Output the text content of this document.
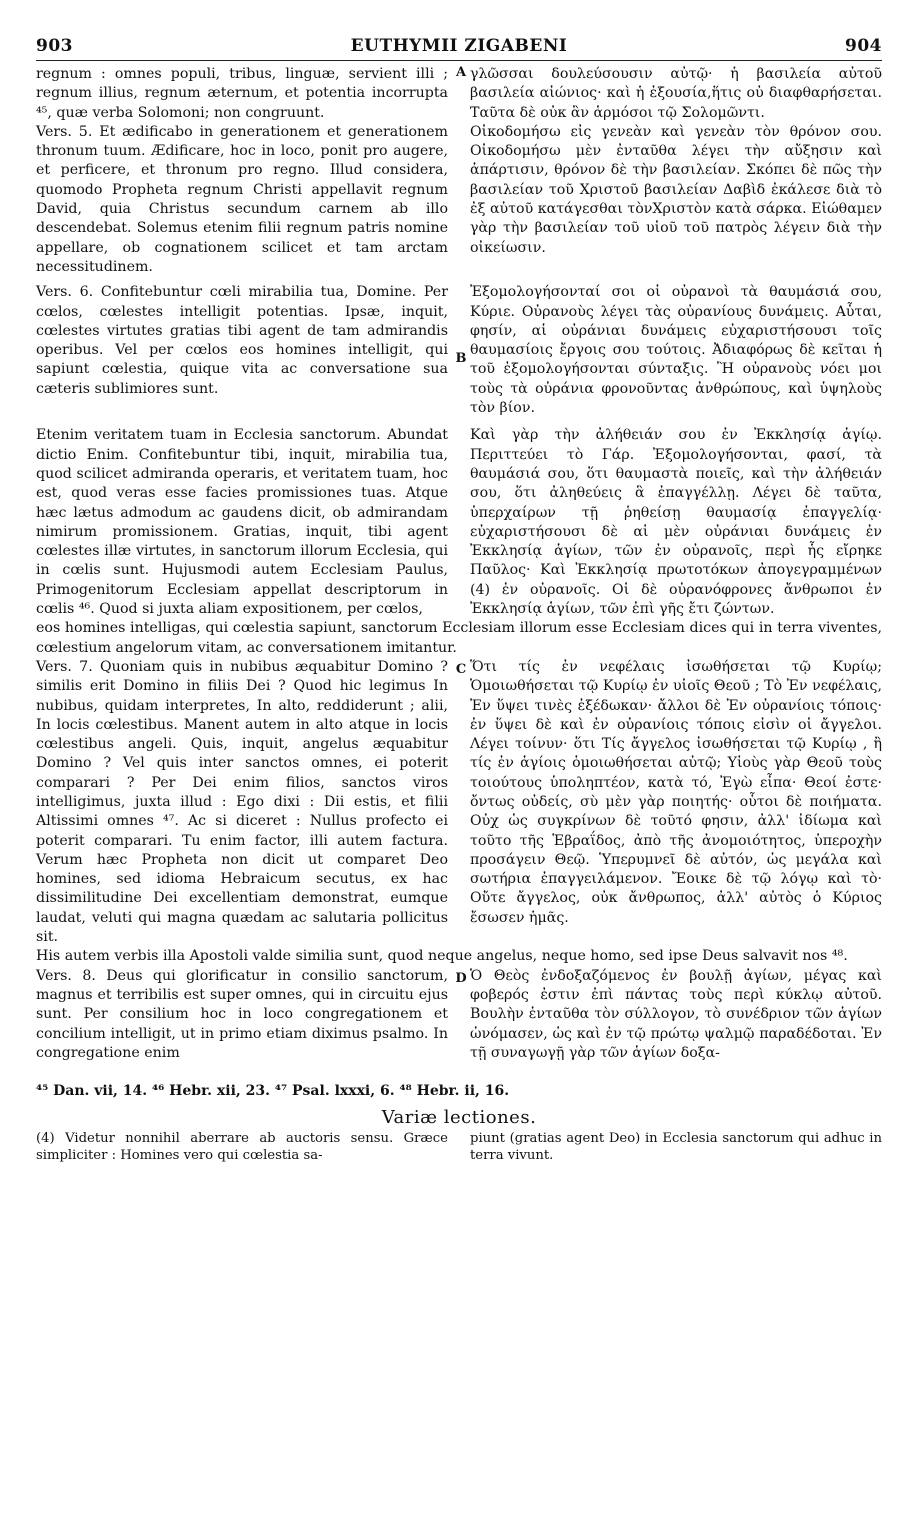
903	EUTHYMII ZIGABENI	904
A
regnum : omnes populi, tribus, linguæ, servient illi ; regnum illius, regnum æternum, et potentia incorrupta ⁴⁵, quæ verba Solomoni; non congruunt.
Vers. 5. Et ædificabo in generationem et generationem thronum tuum. Ædificare, hoc in loco, ponit pro augere, et perficere, et thronum pro regno. Illud considera, quomodo Propheta regnum Christi appellavit regnum David, quia Christus secundum carnem ab illo descendebat. Solemus etenim filii regnum patris nomine appellare, ob cognationem scilicet et tam arctam necessitudinem.
γλῶσσαι δουλεύσουσιν αὐτῷ· ἡ βασιλεία αὐτοῦ βασιλεία αἰώνιος· καὶ ἡ ἐξουσία,ἥτις οὐ διαφθαρήσεται. Ταῦτα δὲ οὐκ ἂν ἁρμόσοι τῷ Σολομῶντι.
Οἰκοδομήσω εἰς γενεὰν καὶ γενεὰν τὸν θρόνον σου. Οἰκοδομήσω μὲν ἐνταῦθα λέγει τὴν αὔξησιν καὶ ἀπάρτισιν, θρόνον δὲ τὴν βασιλείαν. Σκόπει δὲ πῶς τὴν βασιλείαν τοῦ Χριστοῦ βασιλείαν Δαβὶδ ἐκάλεσε διὰ τὸ ἐξ αὐτοῦ κατάγεσθαι τὸνΧριστὸν κατὰ σάρκα. Εἰώθαμεν γὰρ τὴν βασιλείαν τοῦ υἱοῦ τοῦ πατρὸς λέγειν διὰ τὴν οἰκείωσιν.
B
Vers. 6. Confitebuntur cœli mirabilia tua, Domine. Per cœlos, cœlestes intelligit potentias. Ipsæ, inquit, cœlestes virtutes gratias tibi agent de tam admirandis operibus. Vel per cœlos eos homines intelligit, qui sapiunt cœlestia, quique vita ac conversatione sua cæteris sublimiores sunt.
Ἐξομολογήσονταί σοι οἱ οὐρανοὶ τὰ θαυμάσιά σου, Κύριε. Οὐρανοὺς λέγει τὰς οὐρανίους δυνάμεις. Αὗται, φησίν, αἱ οὐράνιαι δυνάμεις εὐχαριστήσουσι τοῖς θαυμασίοις ἔργοις σου τούτοις. Ἀδιαφόρως δὲ κεῖται ἡ τοῦ ἐξομολογήσονται σύνταξις. Ἢ οὐρανοὺς νόει μοι τοὺς τὰ οὐράνια φρονοῦντας ἀνθρώπους, καὶ ὑψηλοὺς τὸν βίον.
Etenim veritatem tuam in Ecclesia sanctorum. Abundat dictio Enim. Confitebuntur tibi, inquit, mirabilia tua, quod scilicet admiranda operaris, et veritatem tuam, hoc est, quod veras esse facies promissiones tuas. Atque hæc lætus admodum ac gaudens dicit, ob admirandam nimirum promissionem. Gratias, inquit, tibi agent cœlestes illæ virtutes, in sanctorum illorum Ecclesia, qui in cœlis sunt. Hujusmodi autem Ecclesiam Paulus, Primogenitorum Ecclesiam appellat descriptorum in cœlis ⁴⁶. Quod si juxta aliam expositionem, per cœlos,
Καὶ γὰρ τὴν ἀλήθειάν σου ἐν Ἐκκλησίᾳ ἁγίῳ. Περιττεύει τὸ Γάρ. Ἐξομολογήσονται, φασί, τὰ θαυμάσιά σου, ὅτι θαυμαστὰ ποιεῖς, καὶ τὴν ἀλήθειάν σου, ὅτι ἀληθεύεις ἃ ἐπαγγέλλῃ. Λέγει δὲ ταῦτα, ὑπερχαίρων τῇ ῥηθείσῃ θαυμασίᾳ ἐπαγγελίᾳ· εὐχαριστήσουσι δὲ αἱ μὲν οὐράνιαι δυνάμεις ἐν Ἐκκλησίᾳ ἁγίων, τῶν ἐν οὐρανοῖς, περὶ ἧς εἴρηκε Παῦλος· Καὶ Ἐκκλησίᾳ πρωτοτόκων ἀπογεγραμμένων (4) ἐν οὐρανοῖς. Οἱ δὲ οὐρανόφρονες ἄνθρωποι ἐν Ἐκκλησίᾳ ἁγίων, τῶν ἐπὶ γῆς ἔτι ζώντων.
eos homines intelligas, qui cœlestia sapiunt, sanctorum Ecclesiam illorum esse Ecclesiam dices qui in terra viventes, cœlestium angelorum vitam, ac conversationem imitantur.
C
Vers. 7. Quoniam quis in nubibus æquabitur Domino ? similis erit Domino in filiis Dei ? Quod hic legimus In nubibus, quidam interpretes, In alto, reddiderunt ; alii, In locis cœlestibus. Manent autem in alto atque in locis cœlestibus angeli. Quis, inquit, angelus æquabitur Domino ? Vel quis inter sanctos omnes, ei poterit comparari ? Per Dei enim filios, sanctos viros intelligimus, juxta illud : Ego dixi : Dii estis, et filii Altissimi omnes ⁴⁷. Ac si diceret : Nullus profecto ei poterit comparari. Tu enim factor, illi autem factura. Verum hæc Propheta non dicit ut comparet Deo homines, sed idioma Hebraicum secutus, ex hac dissimilitudine Dei excellentiam demonstrat, eumque laudat, veluti qui magna quædam ac salutaria pollicitus sit.
Ὅτι τίς ἐν νεφέλαις ἰσωθήσεται τῷ Κυρίῳ; Ὁμοιωθήσεται τῷ Κυρίῳ ἐν υἱοῖς Θεοῦ ; Τὸ Ἐν νεφέλαις, Ἐν ὕψει τινὲς ἐξέδωκαν· ἄλλοι δὲ Ἐν οὐρανίοις τόποις· ἐν ὕψει δὲ καὶ ἐν οὐρανίοις τόποις εἰσὶν οἱ ἄγγελοι. Λέγει τοίνυν· ὅτι Τίς ἄγγελος ἰσωθήσεται τῷ Κυρίῳ , ἢ τίς ἐν ἁγίοις ὁμοιωθήσεται αὐτῷ; Υἱοὺς γὰρ Θεοῦ τοὺς τοιούτους ὑποληπτέον, κατὰ τό, Ἐγὼ εἶπα· Θεοί ἐστε· ὄντως οὐδείς, σὺ μὲν γὰρ ποιητής· οὗτοι δὲ ποιήματα. Οὐχ ὡς συγκρίνων δὲ τοῦτό φησιν, ἀλλ' ἰδίωμα καὶ τοῦτο τῆς Ἑβραΐδος, ἀπὸ τῆς ἀνομοιότητος, ὑπεροχὴν προσάγειν Θεῷ. Ὑπερυμνεῖ δὲ αὐτόν, ὡς μεγάλα καὶ σωτήρια ἐπαγγειλάμενον. Ἔοικε δὲ τῷ λόγῳ καὶ τὸ· Οὔτε ἄγγελος, οὐκ ἄνθρωπος, ἀλλ' αὐτὸς ὁ Κύριος ἔσωσεν ἡμᾶς.
His autem verbis illa Apostoli valde similia sunt, quod neque angelus, neque homo, sed ipse Deus salvavit nos ⁴⁸.
D
Vers. 8. Deus qui glorificatur in consilio sanctorum, magnus et terribilis est super omnes, qui in circuitu ejus sunt. Per consilium hoc in loco congregationem et concilium intelligit, ut in primo etiam diximus psalmo. In congregatione enim
Ὁ Θεὸς ἐνδοξαζόμενος ἐν βουλῇ ἁγίων, μέγας καὶ φοβερός ἐστιν ἐπὶ πάντας τοὺς περὶ κύκλῳ αὐτοῦ. Βουλὴν ἐνταῦθα τὸν σύλλογον, τὸ συνέδριον τῶν ἁγίων ὠνόμασεν, ὡς καὶ ἐν τῷ πρώτῳ ψαλμῷ παραδέδοται. Ἐν τῇ συναγωγῇ γὰρ τῶν ἁγίων δοξα-
⁴⁵ Dan. vii, 14. ⁴⁶ Hebr. xii, 23. ⁴⁷ Psal. lxxxi, 6. ⁴⁸ Hebr. ii, 16.
Variæ lectiones.
(4) Videtur nonnihil aberrare ab auctoris sensu. Græce simpliciter : Homines vero qui cœlestia sa-
piunt (gratias agent Deo) in Ecclesia sanctorum qui adhuc in terra vivunt.
